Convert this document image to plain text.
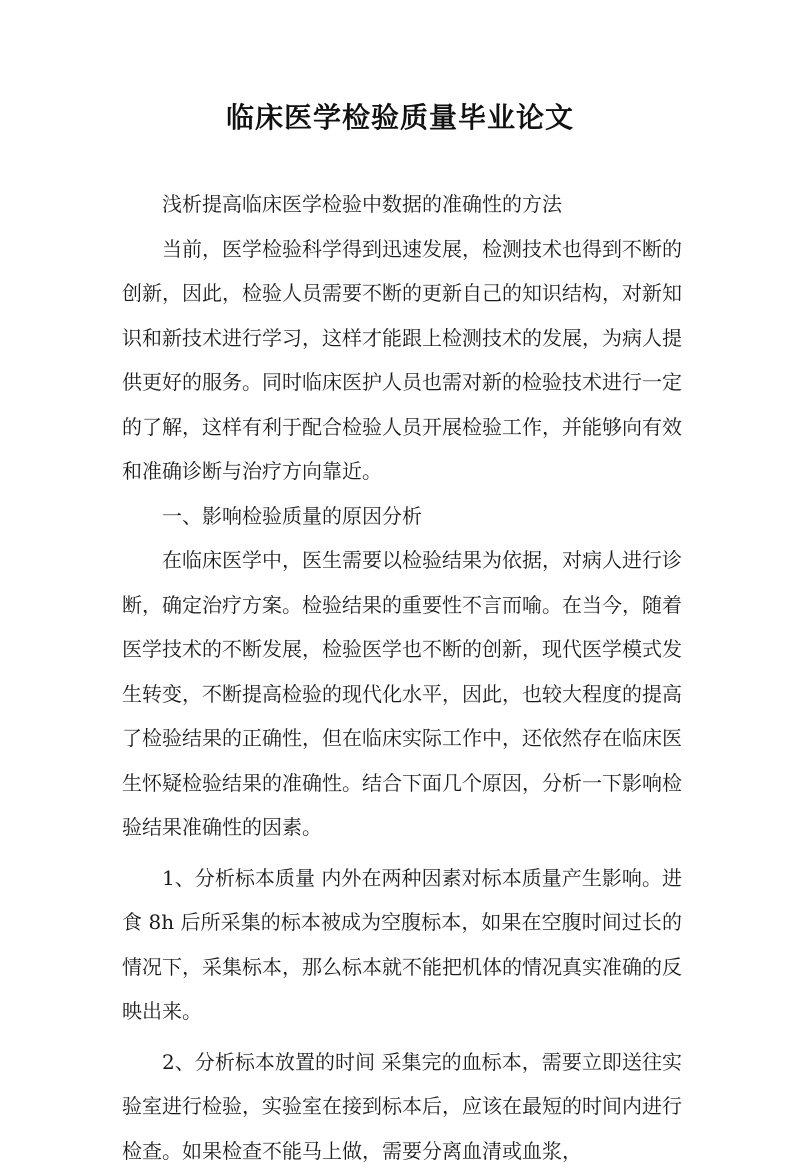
临床医学检验质量毕业论文

浅析提高临床医学检验中数据的准确性的方法

当前，医学检验科学得到迅速发展，检测技术也得到不断的创新，因此，检验人员需要不断的更新自己的知识结构，对新知识和新技术进行学习，这样才能跟上检测技术的发展，为病人提供更好的服务。同时临床医护人员也需对新的检验技术进行一定的了解，这样有利于配合检验人员开展检验工作，并能够向有效和准确诊断与治疗方向靠近。

一、影响检验质量的原因分析

在临床医学中，医生需要以检验结果为依据，对病人进行诊断，确定治疗方案。检验结果的重要性不言而喻。在当今，随着医学技术的不断发展，检验医学也不断的创新，现代医学模式发生转变，不断提高检验的现代化水平，因此，也较大程度的提高了检验结果的正确性，但在临床实际工作中，还依然存在临床医生怀疑检验结果的准确性。结合下面几个原因，分析一下影响检验结果准确性的因素。

1、分析标本质量 内外在两种因素对标本质量产生影响。进食 8h 后所采集的标本被成为空腹标本，如果在空腹时间过长的情况下，采集标本，那么标本就不能把机体的情况真实准确的反映出来。

2、分析标本放置的时间 采集完的血标本，需要立即送往实验室进行检验，实验室在接到标本后，应该在最短的时间内进行检查。如果检查不能马上做，需要分离血清或血浆，
